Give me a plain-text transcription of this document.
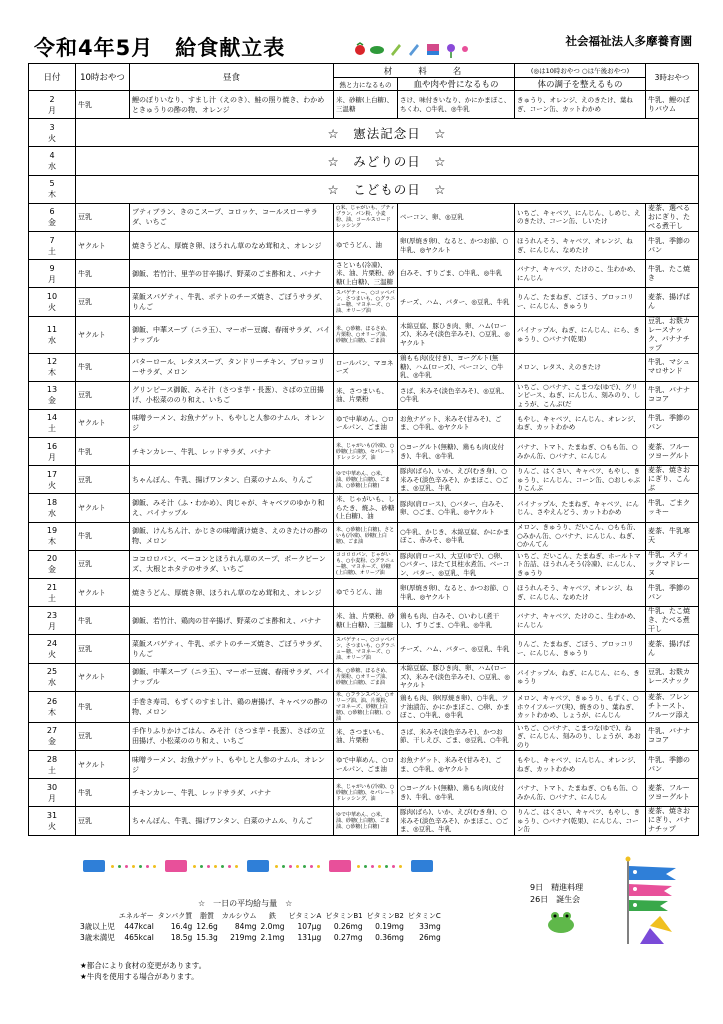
令和4年5月　給食献立表	社会福祉法人多摩養育園
日付	10時おやつ	昼食	材　　料　　名		(◎は10時おやつ ○は午後おやつ)	3時おやつ
			熱と力になるもの	血や肉や骨になるもの	体の調子を整えるもの	

2
月	牛乳	鯉のぼりいなり、すまし汁（えのき）、鮭の照り焼き、わかめときゅうりの酢の物、オレンジ	米、砂糖(上白糖)、三温糖	さけ、味付きいなり、かにかまぼこ、ちくわ、○牛乳、◎牛乳	きゅうり、オレンジ、えのきたけ、葉ねぎ、コーン缶、カットわかめ	牛乳、鯉のぼりバウム

3
火	☆　憲法記念日　☆					

4
水	☆　みどりの日　☆					

5
木	☆　こどもの日　☆					

6
金	豆乳	ブティブラン、きのこスープ、コロッケ、コールスローサラダ、いちご	○米、じゃがいも、ブティブラン、パン粉、小麦粉、油、コールスロードレッシング	ベーコン、卵、◎豆乳	いちご、キャベツ、にんじん、しめじ、えのきたけ、コーン缶、しいたけ	麦茶、選べるおにぎり、たべる煮干し

7
土	ヤクルト	焼きうどん、厚焼き卵、ほうれん草のなめ茸和え、オレンジ	ゆでうどん、油	卵(厚焼き卵)、なると、かつお節、○牛乳、◎ヤクルト	ほうれんそう、キャベツ、オレンジ、ねぎ、にんじん、なめたけ	牛乳、季節のパン

9
月	牛乳	御飯、若竹汁、里芋の甘辛揚げ、野菜のごま酢和え、バナナ	さといも(冷凍)、米、油、片栗粉、砂糖(上白糖)、三温糖	白みそ、すりごま、○牛乳、◎牛乳	バナナ、キャベツ、たけのこ、生わかめ、にんじん	牛乳、たこ焼き

10
火	豆乳	菜飯スパゲティ、牛乳、ポテトのチーズ焼き、ごぼうサラダ、りんご	スパゲティー、○コッペパン、さつまいも、○グラニュー糖、マヨネーズ、○油、オリーブ油	チーズ、ハム、バター、◎豆乳、牛乳	りんご、たまねぎ、ごぼう、ブロッコリー、にんじん、きゅうり	麦茶、揚げぱん

11
水	ヤクルト	御飯、中華スープ（ニラ玉）、マーボー豆腐、春雨サラダ、バイナップル	米、○砂糖、ほるさめ、片栗粉、○オリーブ油、砂糖(上白糖)、ごま油	木綿豆腐、豚ひき肉、卵、ハム(ローズ)、米みそ(淡色辛みそ)、○豆乳、◎ヤクルト	パイナップル、ねぎ、にんじん、にら、きゅうり、○バナナ(乾果)	豆乳、お麩カレースナック、バナナチップ

12
木	牛乳	バターロール、レタススープ、タンドリーチキン、ブロッコリーサラダ、メロン	ロールパン、マヨネーズ	鶏もも肉(皮付き)、ヨーグルト(無糖)、ハム(ローズ)、ベーコン、○牛乳、◎牛乳	メロン、レタス、えのきたけ	牛乳、マシュマロサンド

13
金	豆乳	グリンピース御飯、みそ汁（さつま芋・長葱）、さばの立田揚げ、小松菜ののり和え、いちご	米、さつまいも、油、片栗粉	さば、米みそ(淡色辛みそ)、◎豆乳、○牛乳	いちご、○バナナ、こまつな(ゆで)、グリンピース、ねぎ、にんじん、刻みのり、しょうが、こんぶ(だ	牛乳、バナナココア

14
土	ヤクルト	味噌ラーメン、お魚ナゲット、もやしと人参のナムル、オレンジ	ゆで中華めん、○ロールパン、ごま油	お魚ナゲット、米みそ(甘みそ)、ごま、○牛乳、◎ヤクルト	もやし、キャベツ、にんじん、オレンジ、ねぎ、カットわかめ	牛乳、季節のパン

16
月	牛乳	チキンカレー、牛乳、レッドサラダ、バナナ	米、じゃがいも(冷凍)、○砂糖(上白糖)、セパレートドレッシング、油	○ヨーグルト(無糖)、鶏もも肉(皮付き)、牛乳、◎牛乳	バナナ、トマト、たまねぎ、○もも缶、○みかん缶、○バナナ、にんじん	麦茶、フルーツヨーグルト

17
火	豆乳	ちゃんぽん、牛乳、揚げワンタン、白菜のナムル、りんご	ゆで中華めん、○米、油、砂糖(上白糖)、ごま油、○砂糖(上白糖)	豚肉(ばら)、いか、えび(むき身)、○米みそ(淡色辛みそ)、かまぼこ、○ごま、◎豆乳、牛乳	りんご、はくさい、キャベツ、もやし、きゅうり、にんじん、コーン缶、○おしゃぶりこんぶ	麦茶、焼きおにぎり、こんぶ

18
水	ヤクルト	御飯、みそ汁（ふ・わかめ）、肉じゃが、キャベツのゆかり和え、パイナップル	米、じゃがいも、しらたき、焼ふ、砂糖(上白糖)、油	豚肉(肩ロース)、○バター、白みそ、卵、○ごま、○牛乳、◎ヤクルト	パイナップル、たまねぎ、キャベツ、にんじん、さやえんどう、カットわかめ	牛乳、ごまクッキー

19
木	牛乳	御飯、けんちん汁、かじきの味噌漬け焼き、えのきたけの酢の物、メロン	米、○砂糖(上白糖)、さといも(冷凍)、砂糖(上白糖)、ごま油	○牛乳、かじき、木綿豆腐、かにかまぼこ、赤みそ、◎牛乳	メロン、きゅうり、だいこん、○もも缶、○みかん缶、○バナナ、にんじん、ねぎ、○かんてん	麦茶、牛乳寒天

20
金	豆乳	ココロロパン、ベーコンとほうれん草のスープ、ポークビーンズ、大根とホタテのサラダ、いちご	ココロロパン、じゃがいも、○小麦粉、○グラニュー糖、マヨネーズ、砂糖(上白糖)、オリーブ油	豚肉(肩ロース)、大豆(ゆで)、○卵、○バター、ほたて貝柱水煮缶、ベーコン、バター、◎豆乳、牛乳	いちご、だいこん、たまねぎ、ホールトマト缶詰、ほうれんそう(冷凍)、にんじん、きゅうり	牛乳、スティックマドレーヌ

21
土	ヤクルト	焼きうどん、厚焼き卵、ほうれん草のなめ茸和え、オレンジ	ゆでうどん、油	卵(厚焼き卵)、なると、かつお節、○牛乳、◎ヤクルト	ほうれんそう、キャベツ、オレンジ、ねぎ、にんじん、なめたけ	牛乳、季節のパン

23
月	牛乳	御飯、若竹汁、鶏肉の甘辛揚げ、野菜のごま酢和え、バナナ	米、油、片栗粉、砂糖(上白糖)、三温糖	鶏もも肉、白みそ、○いわし(煮干し)、すりごま、○牛乳、◎牛乳	バナナ、キャベツ、たけのこ、生わかめ、にんじん	牛乳、たこ焼き、たべる煮干し

24
火	豆乳	菜飯スパゲティ、牛乳、ポテトのチーズ焼き、ごぼうサラダ、りんご	スパゲティー、○コッペパン、さつまいも、○グラニュー糖、マヨネーズ、○油、オリーブ油	チーズ、ハム、バター、◎豆乳、牛乳	りんご、たまねぎ、ごぼう、ブロッコリー、にんじん、きゅうり	麦茶、揚げぱん

25
水	ヤクルト	御飯、中華スープ（ニラ玉）、マーボー豆腐、春雨サラダ、バイナップル	米、○砂糖、ほるさめ、片栗粉、○オリーブ油、砂糖(上白糖)、ごま油	木綿豆腐、豚ひき肉、卵、ハム(ローズ)、米みそ(淡色辛みそ)、○豆乳、◎ヤクルト	パイナップル、ねぎ、にんじん、にら、きゅうり	豆乳、お麩カレースナック

26
木	牛乳	手巻き寿司、もずくのすまし汁、鶏の唐揚げ、キャベツの酢の物、メロン	米、○フランスパン、○オリーブ油、油、片栗粉、マヨネーズ、砂糖(上白糖)、○砂糖(上白糖)、○油	鶏もも肉、卵(厚焼き卵)、○牛乳、ツナ油漬缶、かにかまぼこ、○卵、かまぼこ、○牛乳、◎牛乳	メロン、キャベツ、きゅうり、もずく、○ホウイフルーツ(実)、焼きのり、葉ねぎ、カットわかめ、しょうが、にんじん	麦茶、フレンチトースト、フルーツ添え

27
金	豆乳	手作りふりかけごはん、みそ汁（さつま芋・長葱）、さばの立田揚げ、小松菜ののり和え、いちご	米、さつまいも、油、片栗粉	さば、米みそ(淡色辛みそ)、かつお節、干しえび、ごま、◎豆乳、○牛乳	いちご、○バナナ、こまつな(ゆで)、ねぎ、にんじん、刻みのり、しょうが、あおのり	牛乳、バナナココア

28
土	ヤクルト	味噌ラーメン、お魚ナゲット、もやしと人参のナムル、オレンジ	ゆで中華めん、○ロールパン、ごま油	お魚ナゲット、米みそ(甘みそ)、ごま、○牛乳、◎ヤクルト	もやし、キャベツ、にんじん、オレンジ、ねぎ、カットわかめ	牛乳、季節のパン

30
月	牛乳	チキンカレー、牛乳、レッドサラダ、バナナ	米、じゃがいも(冷凍)、○砂糖(上白糖)、セパレートドレッシング、油	○ヨーグルト(無糖)、鶏もも肉(皮付き)、牛乳、◎牛乳	バナナ、トマト、たまねぎ、○もも缶、○みかん缶、○バナナ、にんじん	麦茶、フルーツヨーグルト

31
火	豆乳	ちゃんぽん、牛乳、揚げワンタン、白菜のナムル、りんご	ゆで中華めん、○米、油、砂糖(上白糖)、ごま油、○砂糖(上白糖)	豚肉(ばら)、いか、えび(むき身)、○米みそ(淡色辛みそ)、かまぼこ、○ごま、◎豆乳、牛乳	りんご、はくさい、キャベツ、もやし、きゅうり、○バナナ(乾果)、にんじん、コーン缶	麦茶、焼きおにぎり、バナナチップ
9日　 精進料理
26日　 誕生会
☆　一日の平均給与量　☆
	エネルギー	タンパク質	脂質	カルシウム	鉄	ビタミンA	ビタミンB1	ビタミンB2	ビタミンC
3歳以上児	447kcal	16.4g	12.6g	84mg	2.0mg	107μg	0.26mg	0.19mg	33mg
3歳未満児	465kcal	18.5g	15.3g	219mg	2.1mg	131μg	0.27mg	0.36mg	26mg
★都合により食材の変更があります。
★牛肉を使用する場合があります。
